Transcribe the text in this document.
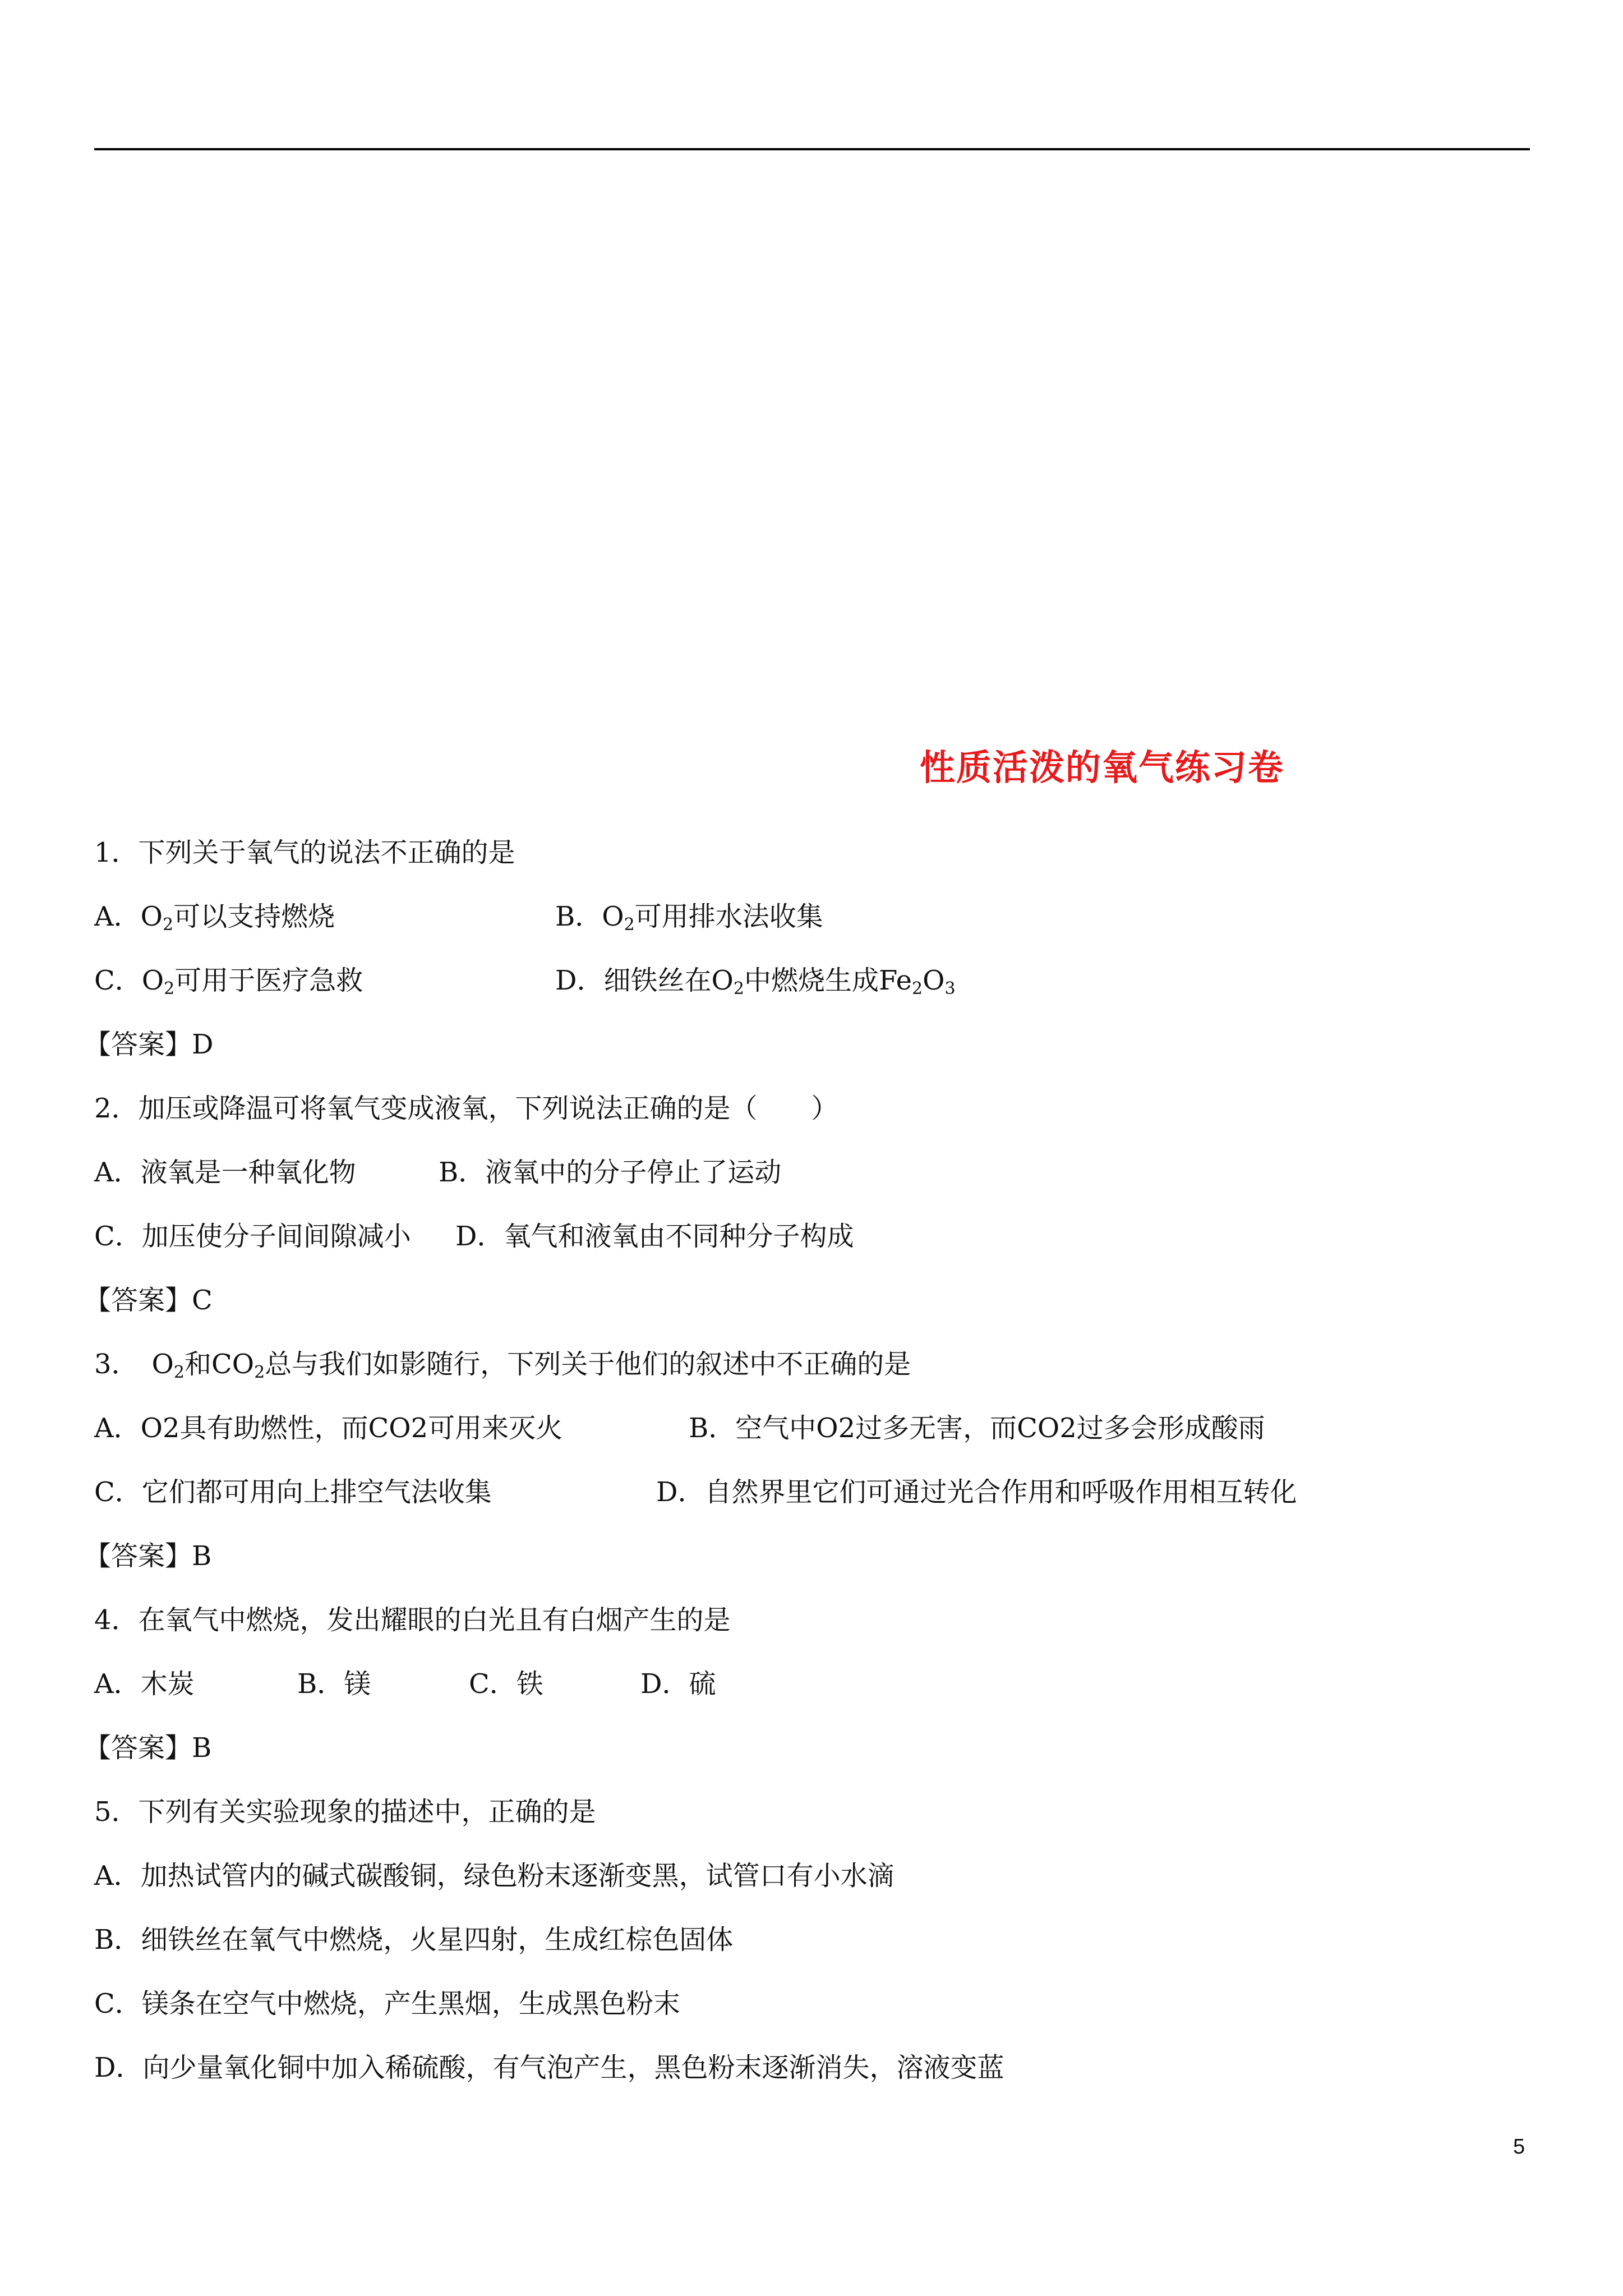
性质活泼的氧气练习卷
1．下列关于氧气的说法不正确的是
A．$O_2$可以支持燃烧	B．$O_2$可用排水法收集
C．$O_2$可用于医疗急救	D．细铁丝在$O_2$中燃烧生成$Fe_2O_3$
【答案】D
2．加压或降温可将氧气变成液氧，下列说法正确的是（　　）
A．液氧是一种氧化物	B．液氧中的分子停止了运动
C．加压使分子间间隙减小 D．氧气和液氧由不同种分子构成
【答案】C
3．　$O_2$和$CO_2$总与我们如影随行，下列关于他们的叙述中不正确的是
A．O2具有助燃性，而CO2可用来灭火	B．空气中O2过多无害，而CO2过多会形成酸雨
C．它们都可用向上排空气法收集	D．自然界里它们可通过光合作用和呼吸作用相互转化
【答案】B
4．在氧气中燃烧，发出耀眼的白光且有白烟产生的是
A．木炭	B．镁	C．铁	D．硫
【答案】B
5．下列有关实验现象的描述中，正确的是
A．加热试管内的碱式碳酸铜，绿色粉末逐渐变黑，试管口有小水滴
B．细铁丝在氧气中燃烧，火星四射，生成红棕色固体
C．镁条在空气中燃烧，产生黑烟，生成黑色粉末
D．向少量氧化铜中加入稀硫酸，有气泡产生，黑色粉末逐渐消失，溶液变蓝
5
